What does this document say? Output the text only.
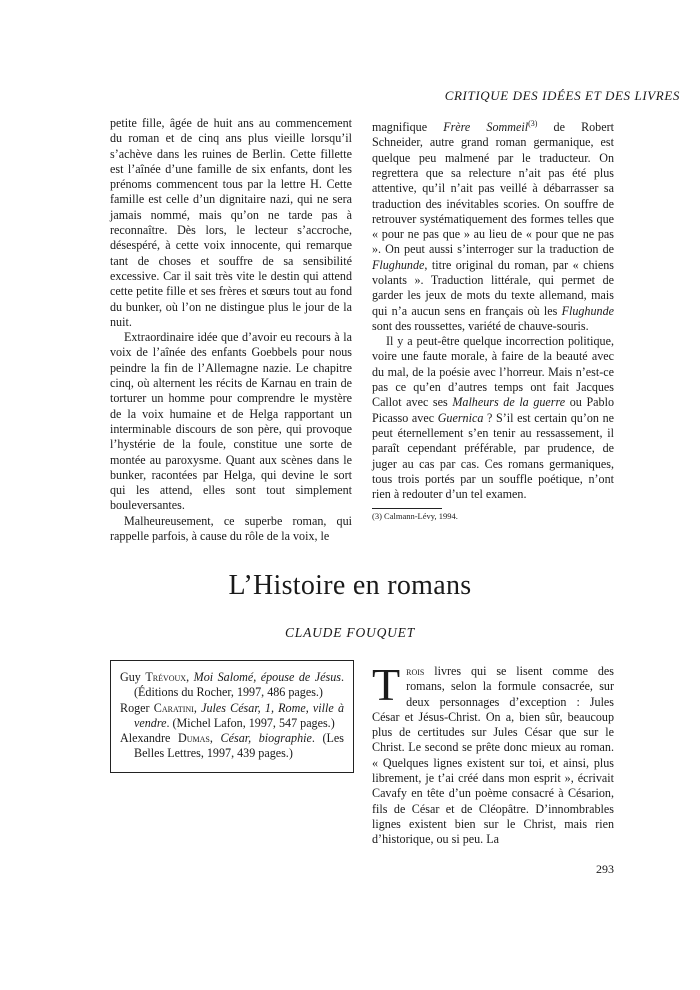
CRITIQUE DES IDÉES ET DES LIVRES

petite fille, âgée de huit ans au commencement du roman et de cinq ans plus vieille lorsqu’il s’achève dans les ruines de Berlin. Cette fillette est l’aînée d’une famille de six enfants, dont les prénoms commencent tous par la lettre H. Cette famille est celle d’un dignitaire nazi, qui ne sera jamais nommé, mais qu’on ne tarde pas à reconnaître. Dès lors, le lecteur s’accroche, désespéré, à cette voix innocente, qui remarque tant de choses et souffre de sa sensibilité excessive. Car il sait très vite le destin qui attend cette petite fille et ses frères et sœurs tout au fond du bunker, où l’on ne distingue plus le jour de la nuit.

Extraordinaire idée que d’avoir eu recours à la voix de l’aînée des enfants Goebbels pour nous peindre la fin de l’Allemagne nazie. Le chapitre cinq, où alternent les récits de Karnau en train de torturer un homme pour comprendre le mystère de la voix humaine et de Helga rapportant un interminable discours de son père, qui provoque l’hystérie de la foule, constitue une sorte de montée au paroxysme. Quant aux scènes dans le bunker, racontées par Helga, qui devine le sort qui les attend, elles sont tout simplement bouleversantes.

Malheureusement, ce superbe roman, qui rappelle parfois, à cause du rôle de la voix, le

magnifique Frère Sommeil$^{(3)}$ de Robert Schneider, autre grand roman germanique, est quelque peu malmené par le traducteur. On regrettera que sa relecture n’ait pas été plus attentive, qu’il n’ait pas veillé à débarrasser sa traduction des inévitables scories. On souffre de retrouver systématiquement des formes telles que « pour ne pas que » au lieu de « pour que ne pas ». On peut aussi s’interroger sur la traduction de Flughunde, titre original du roman, par « chiens volants ». Traduction littérale, qui permet de garder les jeux de mots du texte allemand, mais qui n’a aucun sens en français où les Flughunde sont des roussettes, variété de chauve-souris.

Il y a peut-être quelque incorrection politique, voire une faute morale, à faire de la beauté avec du mal, de la poésie avec l’horreur. Mais n’est-ce pas ce qu’en d’autres temps ont fait Jacques Callot avec ses Malheurs de la guerre ou Pablo Picasso avec Guernica ? S’il est certain qu’on ne peut éternellement s’en tenir au ressassement, il paraît cependant préférable, par prudence, de juger au cas par cas. Ces romans germaniques, tous trois portés par un souffle poétique, n’ont rien à redouter d’un tel examen.

(3) Calmann-Lévy, 1994.

L’Histoire en romans
CLAUDE FOUQUET
Guy Trévoux, Moi Salomé, épouse de Jésus. (Éditions du Rocher, 1997, 486 pages.)
Roger Caratini, Jules César, 1, Rome, ville à vendre. (Michel Lafon, 1997, 547 pages.)
Alexandre Dumas, César, biographie. (Les Belles Lettres, 1997, 439 pages.)

Trois livres qui se lisent comme des romans, selon la formule consacrée, sur deux personnages d’exception : Jules César et Jésus-Christ. On a, bien sûr, beaucoup plus de certitudes sur Jules César que sur le Christ. Le second se prête donc mieux au roman. « Quelques lignes existent sur toi, et ainsi, plus librement, je t’ai créé dans mon esprit », écrivait Cavafy en tête d’un poème consacré à Césarion, fils de César et de Cléopâtre. D’innombrables lignes existent bien sur le Christ, mais rien d’historique, ou si peu. La

293
